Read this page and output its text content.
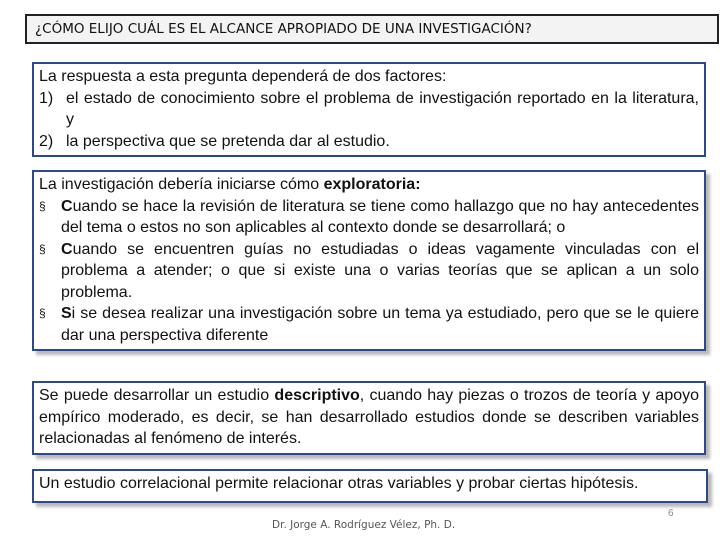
¿CÓMO ELIJO CUÁL ES EL ALCANCE APROPIADO DE UNA INVESTIGACIÓN?
La respuesta a esta pregunta dependerá de dos factores:
1) el estado de conocimiento sobre el problema de investigación reportado en la literatura, y
2) la perspectiva que se pretenda dar al estudio.
La investigación debería iniciarse cómo exploratoria:
§ Cuando se hace la revisión de literatura se tiene como hallazgo que no hay antecedentes del tema o estos no son aplicables al contexto donde se desarrollará; o
§ Cuando se encuentren guías no estudiadas o ideas vagamente vinculadas con el problema a atender; o que si existe una o varias teorías que se aplican a un solo problema.
§ Si se desea realizar una investigación sobre un tema ya estudiado, pero que se le quiere dar una perspectiva diferente
Se puede desarrollar un estudio descriptivo, cuando hay piezas o trozos de teoría y apoyo empírico moderado, es decir, se han desarrollado estudios donde se describen variables relacionadas al fenómeno de interés.
Un estudio correlacional permite relacionar otras variables y probar ciertas hipótesis.
6
Dr. Jorge A. Rodríguez Vélez, Ph. D.
